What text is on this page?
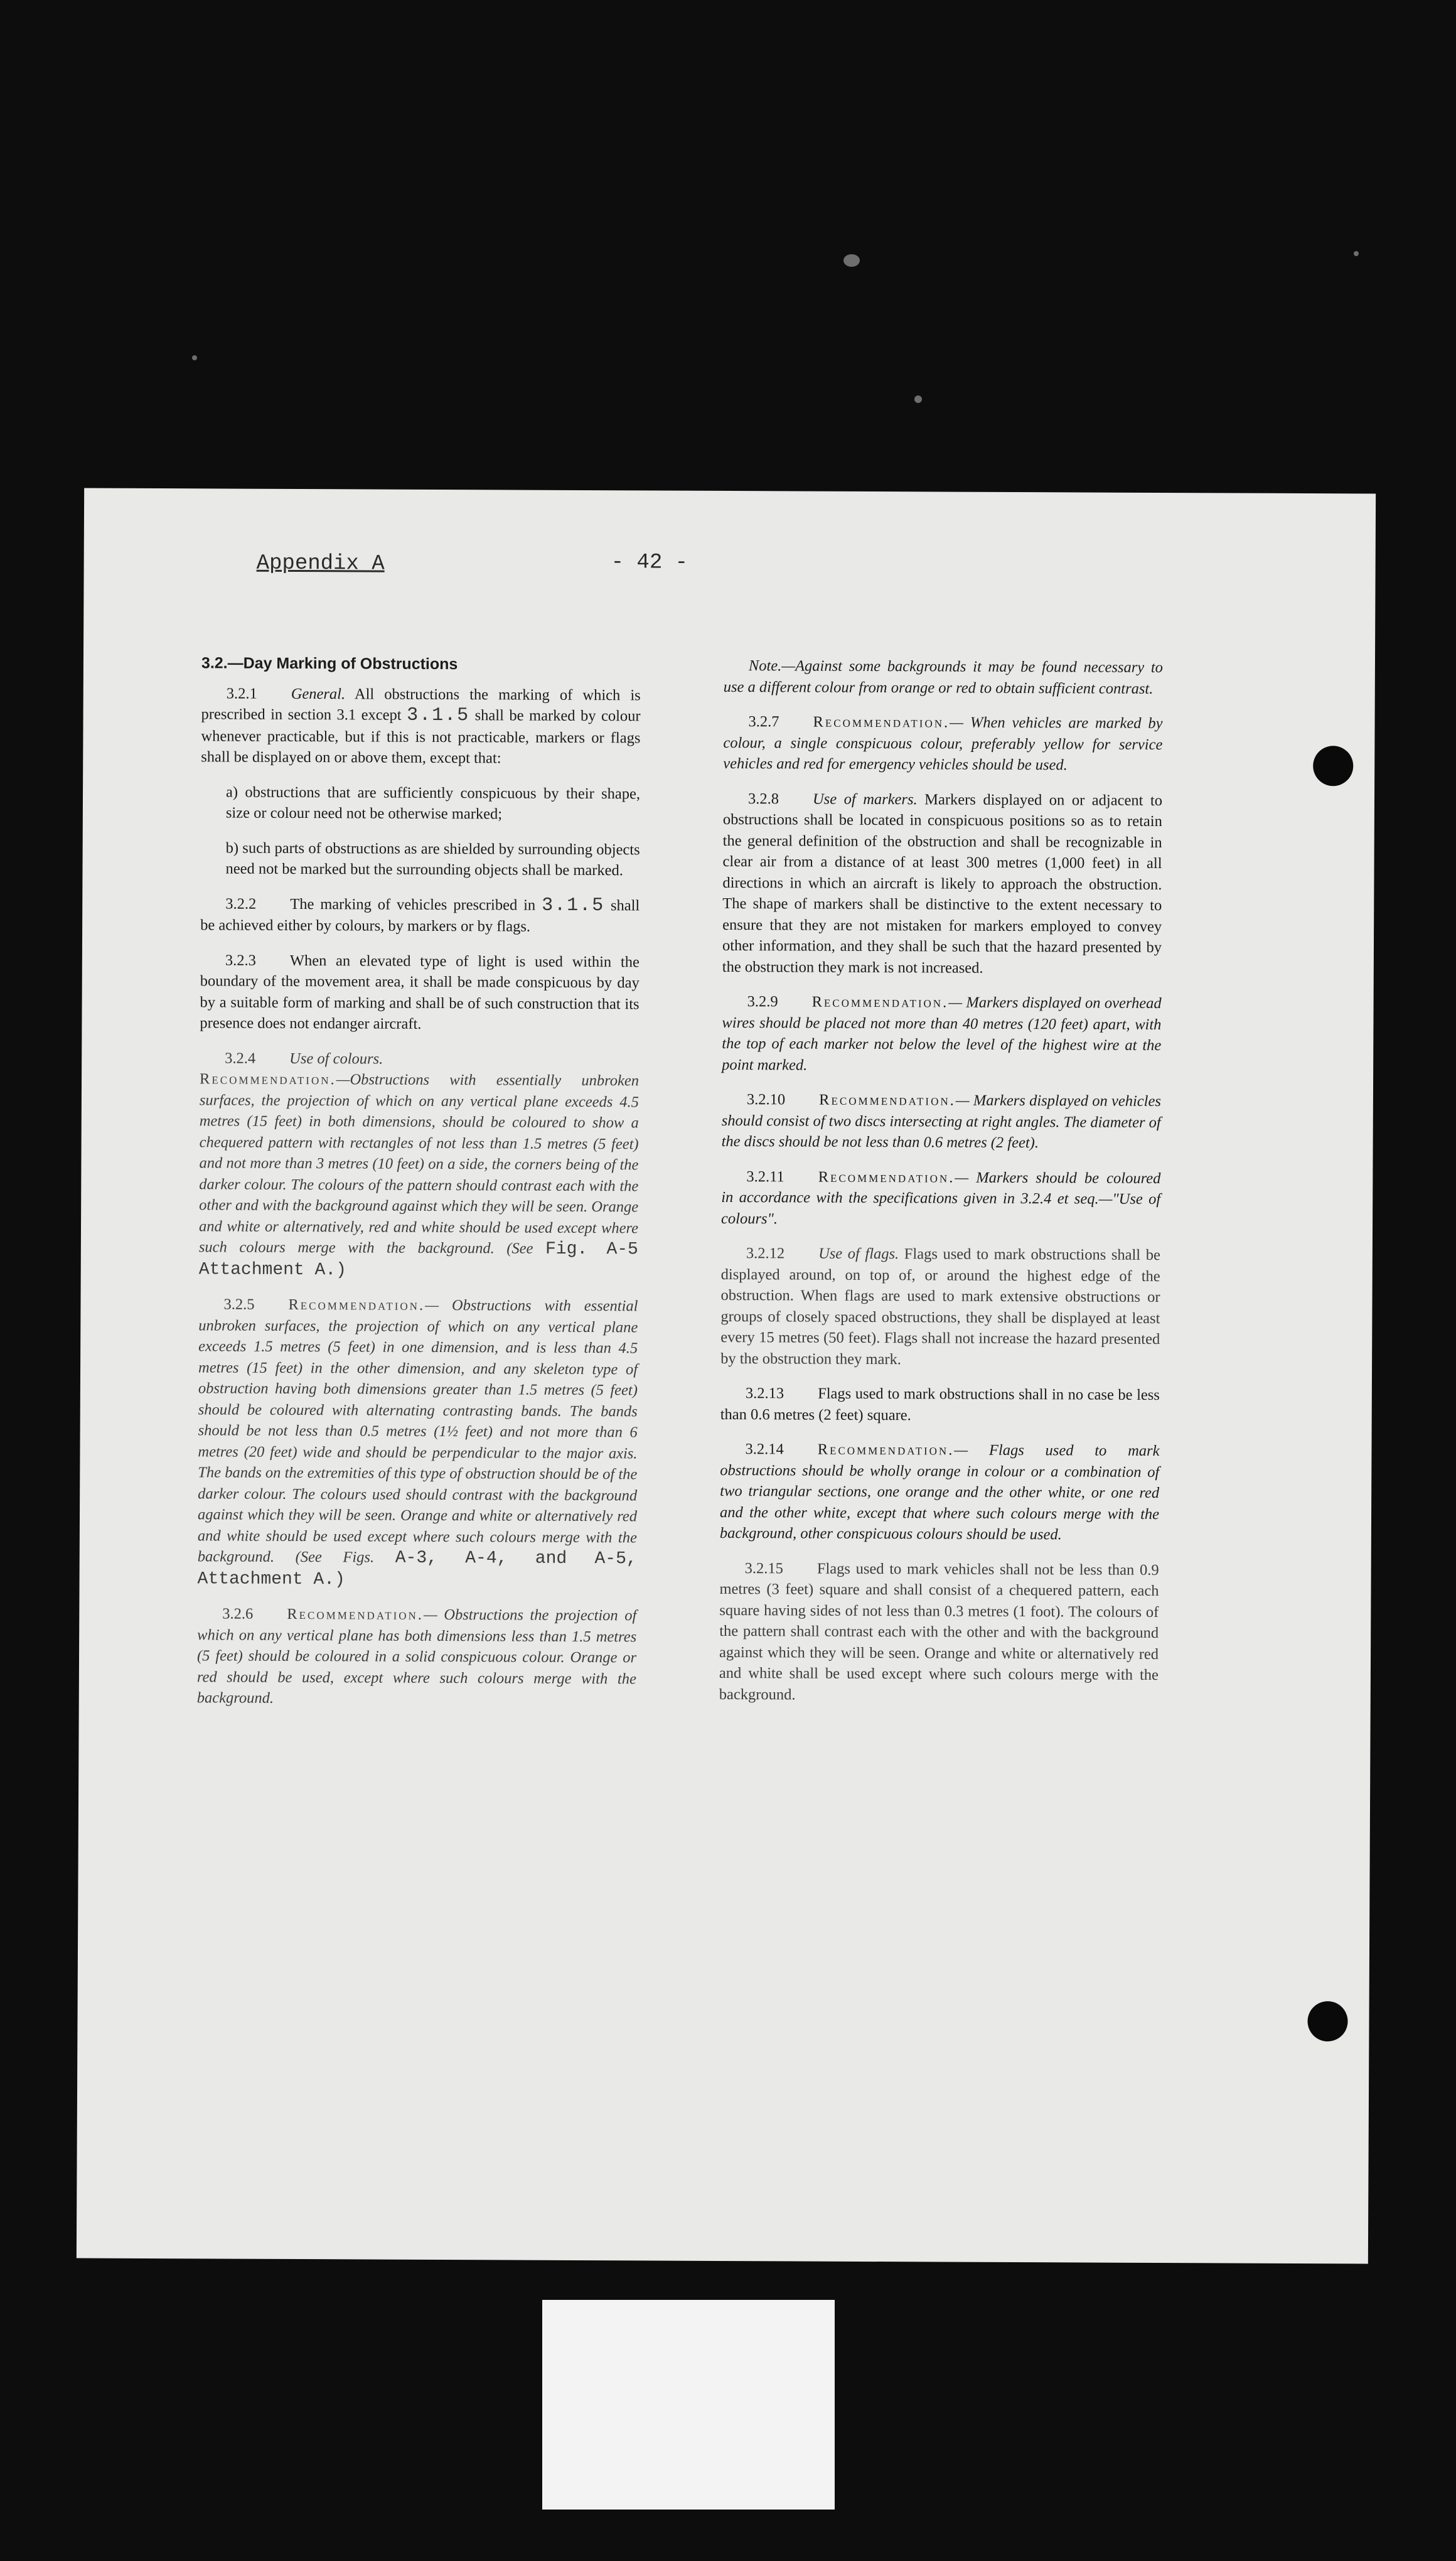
Appendix A	- 42 -
3.2.—Day Marking of Obstructions

3.2.1 General. All obstructions the marking of which is prescribed in section 3.1 except 3.1.5 shall be marked by colour whenever practicable, but if this is not practicable, markers or flags shall be displayed on or above them, except that:

a) obstructions that are sufficiently conspicuous by their shape, size or colour need not be otherwise marked;

b) such parts of obstructions as are shielded by surrounding objects need not be marked but the surrounding objects shall be marked.

3.2.2 The marking of vehicles prescribed in 3.1.5 shall be achieved either by colours, by markers or by flags.

3.2.3 When an elevated type of light is used within the boundary of the movement area, it shall be made conspicuous by day by a suitable form of marking and shall be of such construction that its presence does not endanger aircraft.

3.2.4 Use of colours.
Recommendation.—Obstructions with essentially unbroken surfaces, the projection of which on any vertical plane exceeds 4.5 metres (15 feet) in both dimensions, should be coloured to show a chequered pattern with rectangles of not less than 1.5 metres (5 feet) and not more than 3 metres (10 feet) on a side, the corners being of the darker colour. The colours of the pattern should contrast each with the other and with the background against which they will be seen. Orange and white or alternatively, red and white should be used except where such colours merge with the background. (See Fig. A-5 Attachment A.)

3.2.5 Recommendation.— Obstructions with essential unbroken surfaces, the projection of which on any vertical plane exceeds 1.5 metres (5 feet) in one dimension, and is less than 4.5 metres (15 feet) in the other dimension, and any skeleton type of obstruction having both dimensions greater than 1.5 metres (5 feet) should be coloured with alternating contrasting bands. The bands should be not less than 0.5 metres (1½ feet) and not more than 6 metres (20 feet) wide and should be perpendicular to the major axis. The bands on the extremities of this type of obstruction should be of the darker colour. The colours used should contrast with the background against which they will be seen. Orange and white or alternatively red and white should be used except where such colours merge with the background. (See Figs. A-3, A-4, and A-5, Attachment A.)

3.2.6 Recommendation.— Obstructions the projection of which on any vertical plane has both dimensions less than 1.5 metres (5 feet) should be coloured in a solid conspicuous colour. Orange or red should be used, except where such colours merge with the background.

Note.—Against some backgrounds it may be found necessary to use a different colour from orange or red to obtain sufficient contrast.

3.2.7 Recommendation.— When vehicles are marked by colour, a single conspicuous colour, preferably yellow for service vehicles and red for emergency vehicles should be used.

3.2.8 Use of markers. Markers displayed on or adjacent to obstructions shall be located in conspicuous positions so as to retain the general definition of the obstruction and shall be recognizable in clear air from a distance of at least 300 metres (1,000 feet) in all directions in which an aircraft is likely to approach the obstruction. The shape of markers shall be distinctive to the extent necessary to ensure that they are not mistaken for markers employed to convey other information, and they shall be such that the hazard presented by the obstruction they mark is not increased.

3.2.9 Recommendation.— Markers displayed on overhead wires should be placed not more than 40 metres (120 feet) apart, with the top of each marker not below the level of the highest wire at the point marked.

3.2.10 Recommendation.— Markers displayed on vehicles should consist of two discs intersecting at right angles. The diameter of the discs should be not less than 0.6 metres (2 feet).

3.2.11 Recommendation.— Markers should be coloured in accordance with the specifications given in 3.2.4 et seq.—"Use of colours".

3.2.12 Use of flags. Flags used to mark obstructions shall be displayed around, on top of, or around the highest edge of the obstruction. When flags are used to mark extensive obstructions or groups of closely spaced obstructions, they shall be displayed at least every 15 metres (50 feet). Flags shall not increase the hazard presented by the obstruction they mark.

3.2.13 Flags used to mark obstructions shall in no case be less than 0.6 metres (2 feet) square.

3.2.14 Recommendation.— Flags used to mark obstructions should be wholly orange in colour or a combination of two triangular sections, one orange and the other white, or one red and the other white, except that where such colours merge with the background, other conspicuous colours should be used.

3.2.15 Flags used to mark vehicles shall not be less than 0.9 metres (3 feet) square and shall consist of a chequered pattern, each square having sides of not less than 0.3 metres (1 foot). The colours of the pattern shall contrast each with the other and with the background against which they will be seen. Orange and white or alternatively red and white shall be used except where such colours merge with the background.
